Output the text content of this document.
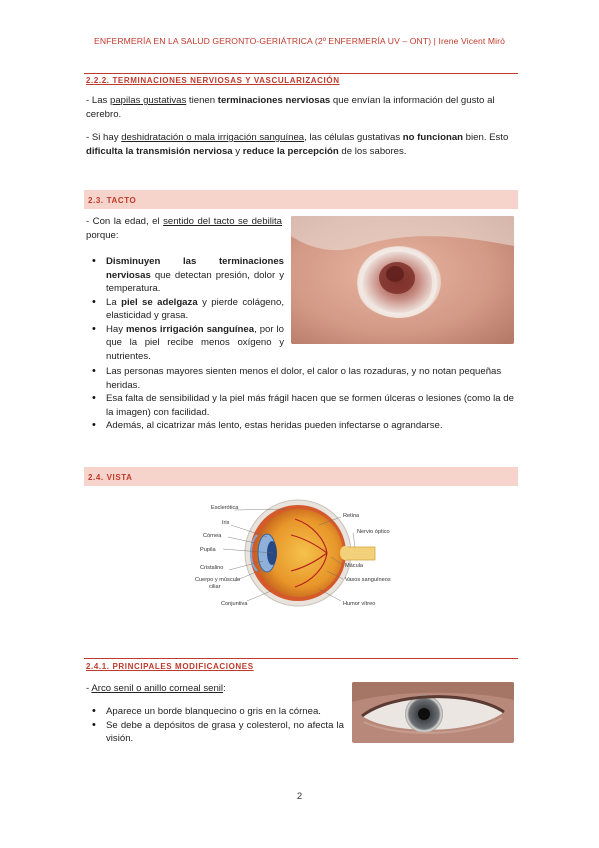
ENFERMERÍA EN LA SALUD GERONTO-GERIÁTRICA (2º ENFERMERÍA UV – ONT) | Irene Vicent Miró
2.2.2. TERMINACIONES NERVIOSAS Y VASCULARIZACIÓN
- Las papilas gustativas tienen terminaciones nerviosas que envían la información del gusto al cerebro.
- Si hay deshidratación o mala irrigación sanguínea, las células gustativas no funcionan bien. Esto dificulta la transmisión nerviosa y reduce la percepción de los sabores.
2.3. TACTO
- Con la edad, el sentido del tacto se debilita porque:
• Disminuyen las terminaciones nerviosas que detectan presión, dolor y temperatura.
• La piel se adelgaza y pierde colágeno, elasticidad y grasa.
• Hay menos irrigación sanguínea, por lo que la piel recibe menos oxígeno y nutrientes.
• Las personas mayores sienten menos el dolor, el calor o las rozaduras, y no notan pequeñas heridas.
• Esa falta de sensibilidad y la piel más frágil hacen que se formen úlceras o lesiones (como la de la imagen) con facilidad.
• Además, al cicatrizar más lento, estas heridas pueden infectarse o agrandarse.
2.4. VISTA
Esclerótica
Iris
Córnea
Pupila
Cristalino
Cuerpo y músculo
ciliar
Conjuntiva
Retina
Nervio óptico
Mácula
Vasos sanguíneos
Humor vítreo
2.4.1. PRINCIPALES MODIFICACIONES
- Arco senil o anillo corneal senil:
• Aparece un borde blanquecino o gris en la córnea.
• Se debe a depósitos de grasa y colesterol, no afecta la visión.
2
